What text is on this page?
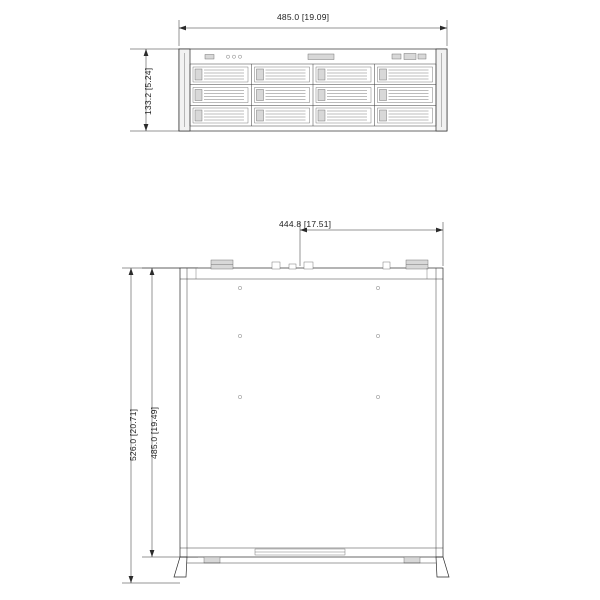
485.0 [19.09]
133.2 [5.24]
444.8 [17.51]
526.0 [20.71] 485.0 [19.49]
